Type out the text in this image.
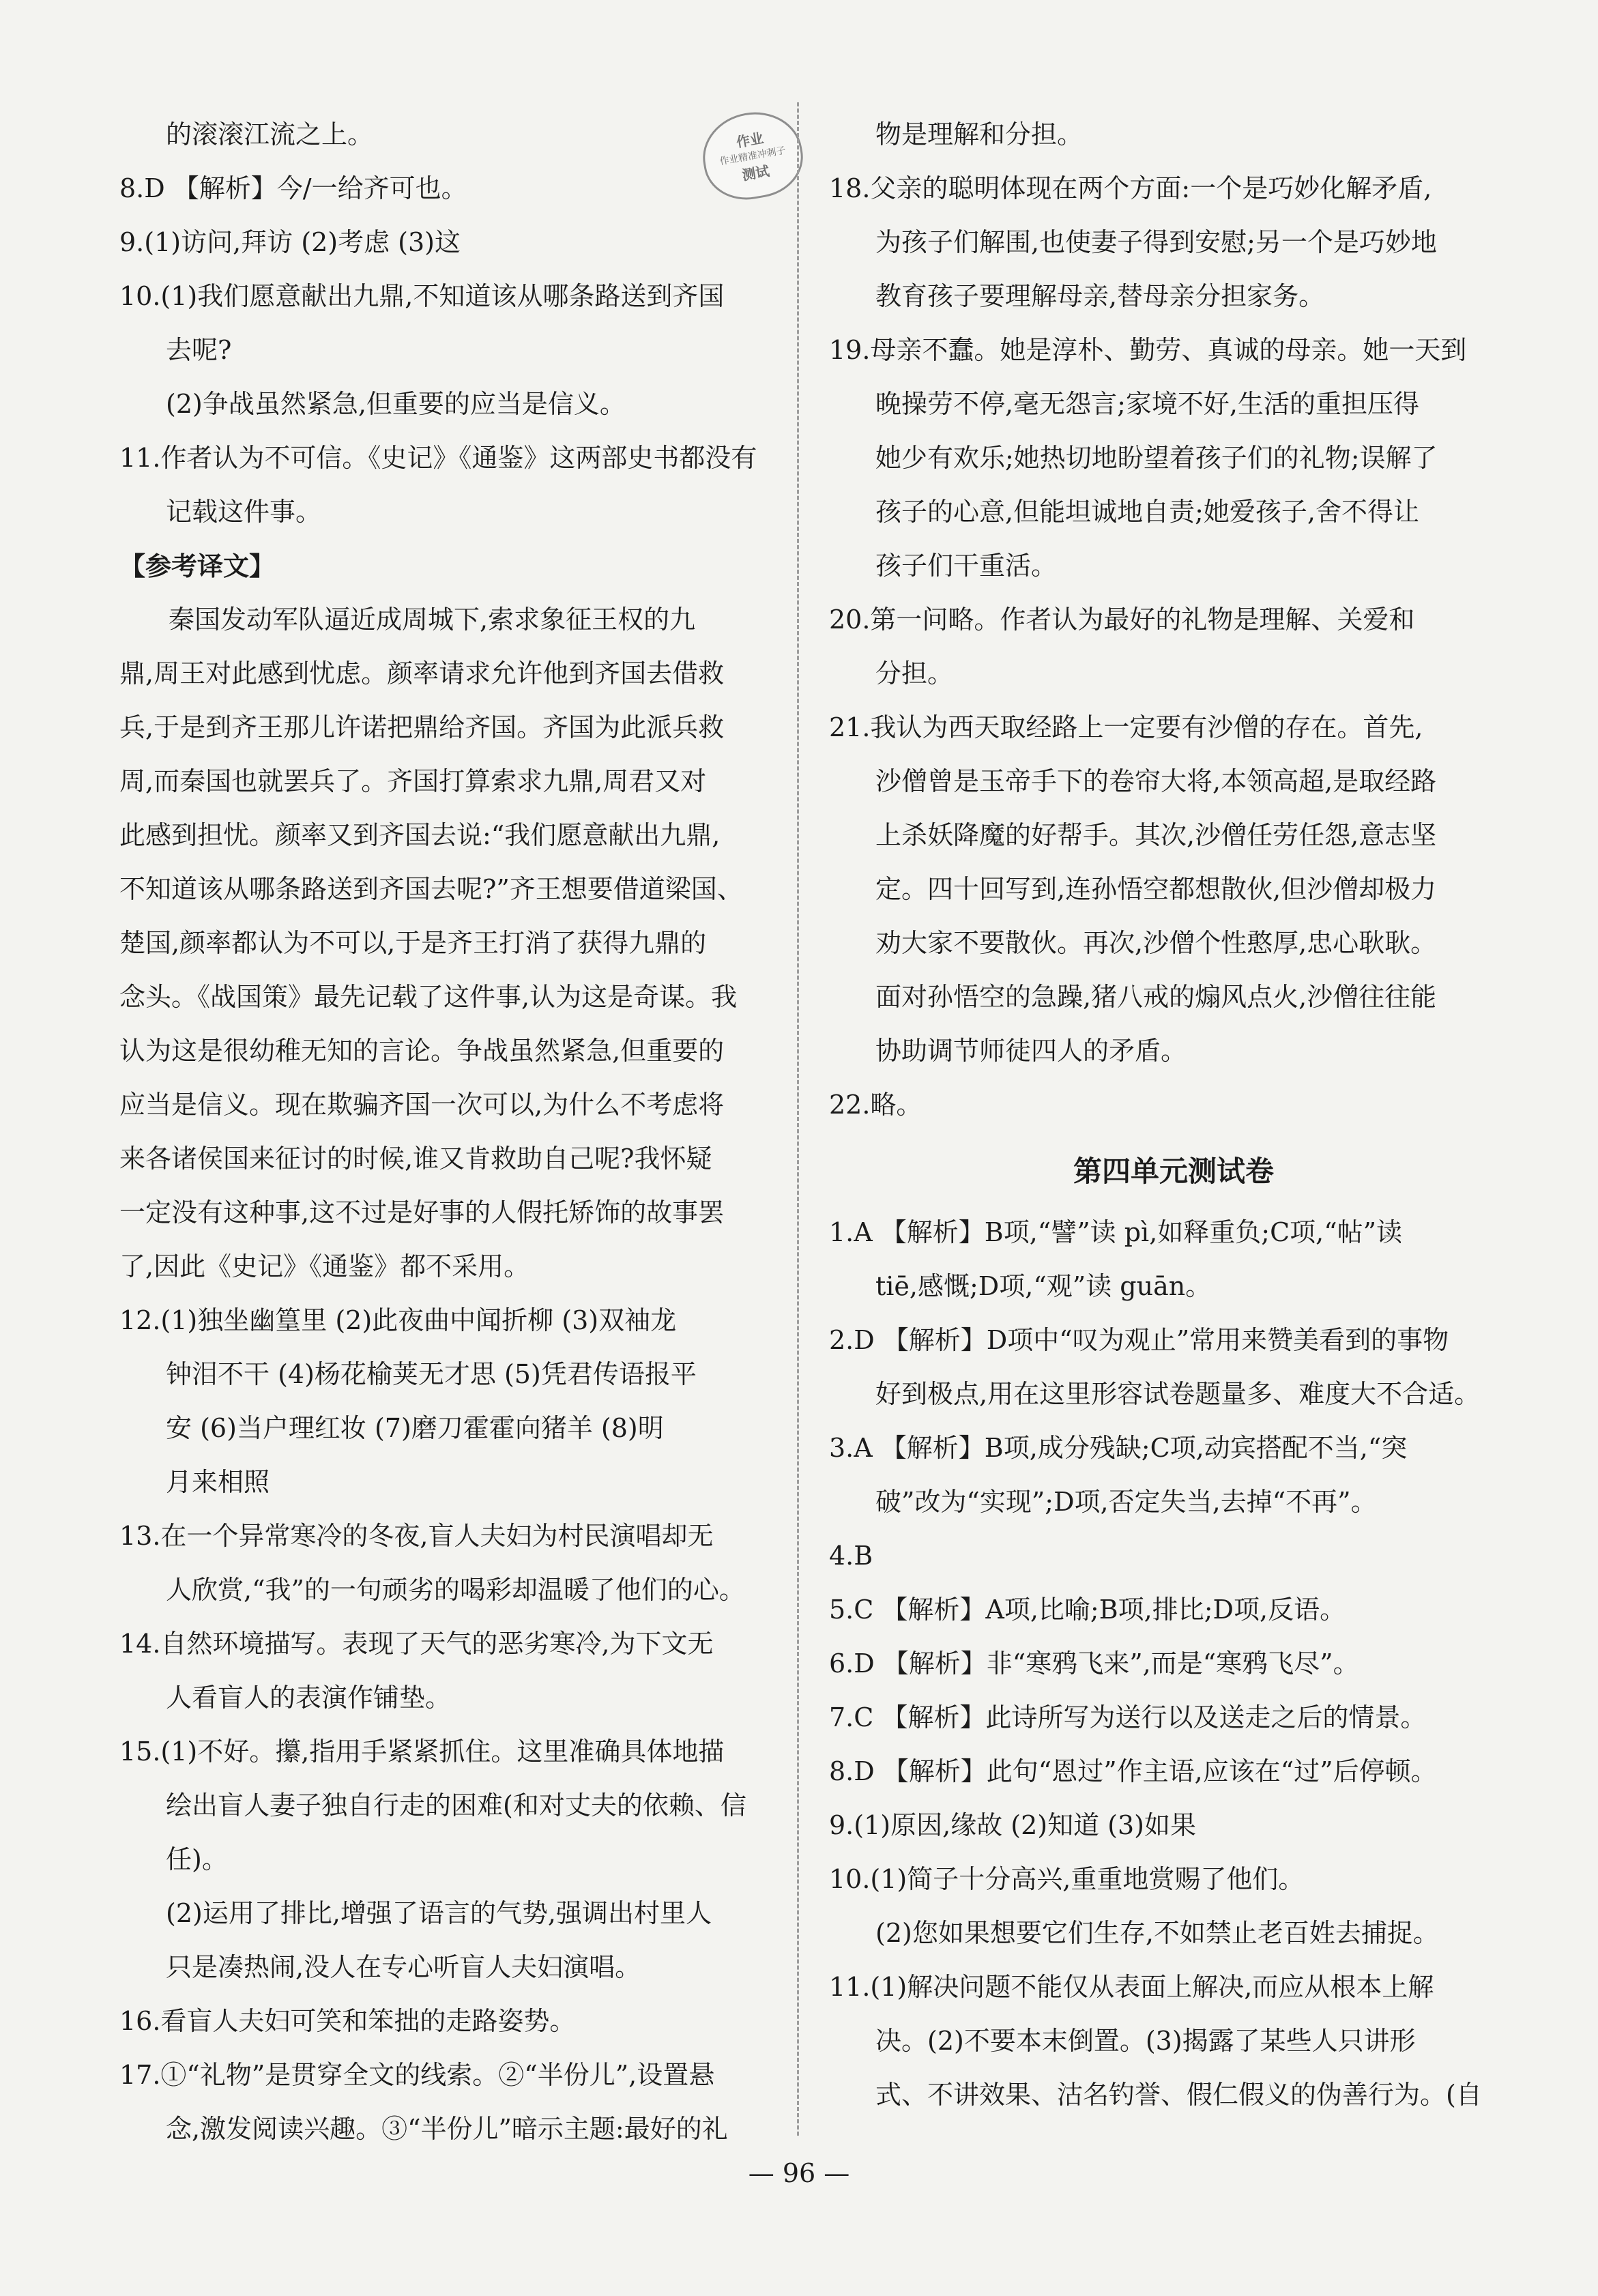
作业
作业精准冲刺子
测试
的滚滚江流之上。
8.D 【解析】今/一给齐可也。
9.(1)访问,拜访 (2)考虑 (3)这
10.(1)我们愿意献出九鼎,不知道该从哪条路送到齐国
去呢?
(2)争战虽然紧急,但重要的应当是信义。
11.作者认为不可信。《史记》《通鉴》这两部史书都没有
记载这件事。
【参考译文】
秦国发动军队逼近成周城下,索求象征王权的九
鼎,周王对此感到忧虑。颜率请求允许他到齐国去借救
兵,于是到齐王那儿许诺把鼎给齐国。齐国为此派兵救
周,而秦国也就罢兵了。齐国打算索求九鼎,周君又对
此感到担忧。颜率又到齐国去说:“我们愿意献出九鼎,
不知道该从哪条路送到齐国去呢?”齐王想要借道梁国、
楚国,颜率都认为不可以,于是齐王打消了获得九鼎的
念头。《战国策》最先记载了这件事,认为这是奇谋。我
认为这是很幼稚无知的言论。争战虽然紧急,但重要的
应当是信义。现在欺骗齐国一次可以,为什么不考虑将
来各诸侯国来征讨的时候,谁又肯救助自己呢?我怀疑
一定没有这种事,这不过是好事的人假托矫饰的故事罢
了,因此《史记》《通鉴》都不采用。
12.(1)独坐幽篁里 (2)此夜曲中闻折柳 (3)双袖龙
钟泪不干 (4)杨花榆荚无才思 (5)凭君传语报平
安 (6)当户理红妆 (7)磨刀霍霍向猪羊 (8)明
月来相照
13.在一个异常寒冷的冬夜,盲人夫妇为村民演唱却无
人欣赏,“我”的一句顽劣的喝彩却温暖了他们的心。
14.自然环境描写。表现了天气的恶劣寒冷,为下文无
人看盲人的表演作铺垫。
15.(1)不好。攥,指用手紧紧抓住。这里准确具体地描
绘出盲人妻子独自行走的困难(和对丈夫的依赖、信
任)。
(2)运用了排比,增强了语言的气势,强调出村里人
只是凑热闹,没人在专心听盲人夫妇演唱。
16.看盲人夫妇可笑和笨拙的走路姿势。
17.①“礼物”是贯穿全文的线索。②“半份儿”,设置悬
念,激发阅读兴趣。③“半份儿”暗示主题:最好的礼
物是理解和分担。
18.父亲的聪明体现在两个方面:一个是巧妙化解矛盾,
为孩子们解围,也使妻子得到安慰;另一个是巧妙地
教育孩子要理解母亲,替母亲分担家务。
19.母亲不蠢。她是淳朴、勤劳、真诚的母亲。她一天到
晚操劳不停,毫无怨言;家境不好,生活的重担压得
她少有欢乐;她热切地盼望着孩子们的礼物;误解了
孩子的心意,但能坦诚地自责;她爱孩子,舍不得让
孩子们干重活。
20.第一问略。作者认为最好的礼物是理解、关爱和
分担。
21.我认为西天取经路上一定要有沙僧的存在。首先,
沙僧曾是玉帝手下的卷帘大将,本领高超,是取经路
上杀妖降魔的好帮手。其次,沙僧任劳任怨,意志坚
定。四十回写到,连孙悟空都想散伙,但沙僧却极力
劝大家不要散伙。再次,沙僧个性憨厚,忠心耿耿。
面对孙悟空的急躁,猪八戒的煽风点火,沙僧往往能
协助调节师徒四人的矛盾。
22.略。
第四单元测试卷
1.A 【解析】B项,“譬”读 pì,如释重负;C项,“帖”读
tiē,感慨;D项,“观”读 guān。
2.D 【解析】D项中“叹为观止”常用来赞美看到的事物
好到极点,用在这里形容试卷题量多、难度大不合适。
3.A 【解析】B项,成分残缺;C项,动宾搭配不当,“突
破”改为“实现”;D项,否定失当,去掉“不再”。
4.B
5.C 【解析】A项,比喻;B项,排比;D项,反语。
6.D 【解析】非“寒鸦飞来”,而是“寒鸦飞尽”。
7.C 【解析】此诗所写为送行以及送走之后的情景。
8.D 【解析】此句“恩过”作主语,应该在“过”后停顿。
9.(1)原因,缘故 (2)知道 (3)如果
10.(1)简子十分高兴,重重地赏赐了他们。
(2)您如果想要它们生存,不如禁止老百姓去捕捉。
11.(1)解决问题不能仅从表面上解决,而应从根本上解
决。(2)不要本末倒置。(3)揭露了某些人只讲形
式、不讲效果、沽名钓誉、假仁假义的伪善行为。(自
— 96 —
